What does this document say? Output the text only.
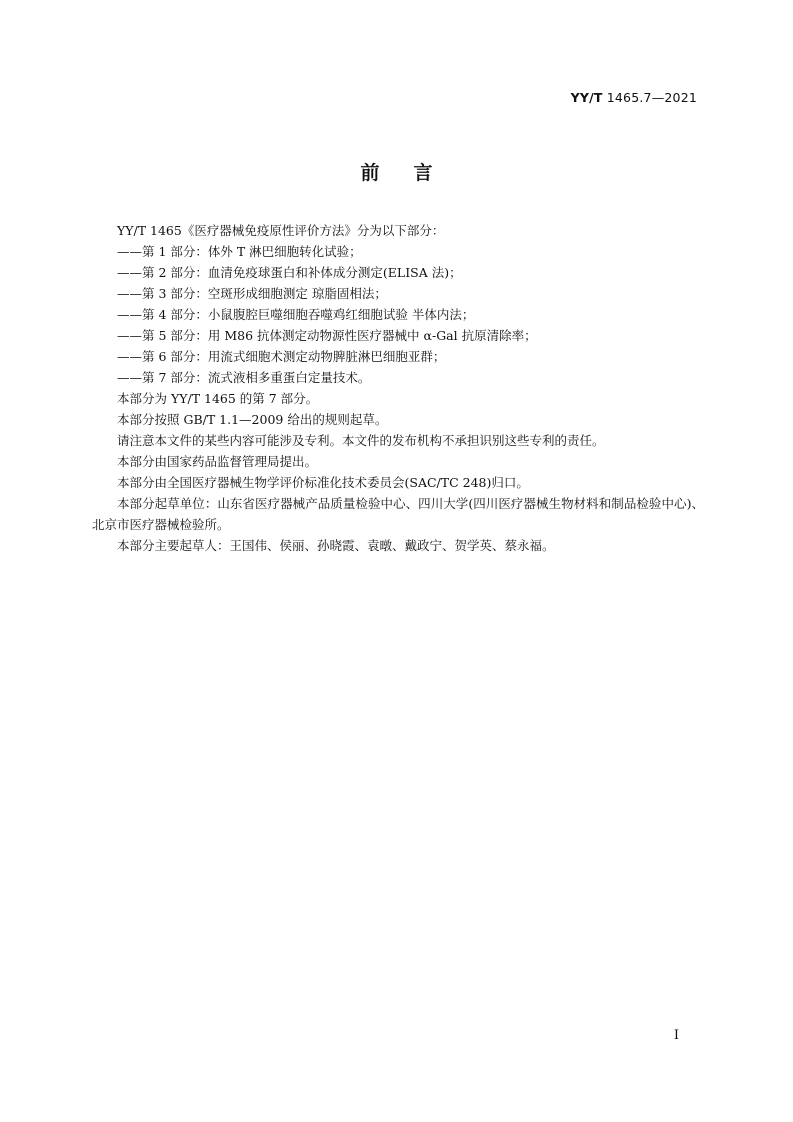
YY/T 1465.7—2021
前言

YY/T 1465《医疗器械免疫原性评价方法》分为以下部分：

——第 1 部分：体外 T 淋巴细胞转化试验；

——第 2 部分：血清免疫球蛋白和补体成分测定(ELISA 法)；

——第 3 部分：空斑形成细胞测定 琼脂固相法；

——第 4 部分：小鼠腹腔巨噬细胞吞噬鸡红细胞试验 半体内法；

——第 5 部分：用 M86 抗体测定动物源性医疗器械中 α-Gal 抗原清除率；

——第 6 部分：用流式细胞术测定动物脾脏淋巴细胞亚群；

——第 7 部分：流式液相多重蛋白定量技术。

本部分为 YY/T 1465 的第 7 部分。

本部分按照 GB/T 1.1—2009 给出的规则起草。

请注意本文件的某些内容可能涉及专利。本文件的发布机构不承担识别这些专利的责任。

本部分由国家药品监督管理局提出。

本部分由全国医疗器械生物学评价标准化技术委员会(SAC/TC 248)归口。

本部分起草单位：山东省医疗器械产品质量检验中心、四川大学(四川医疗器械生物材料和制品检验中心)、北京市医疗器械检验所。

本部分主要起草人：王国伟、侯丽、孙晓霞、袁暾、戴政宁、贺学英、蔡永福。

I
